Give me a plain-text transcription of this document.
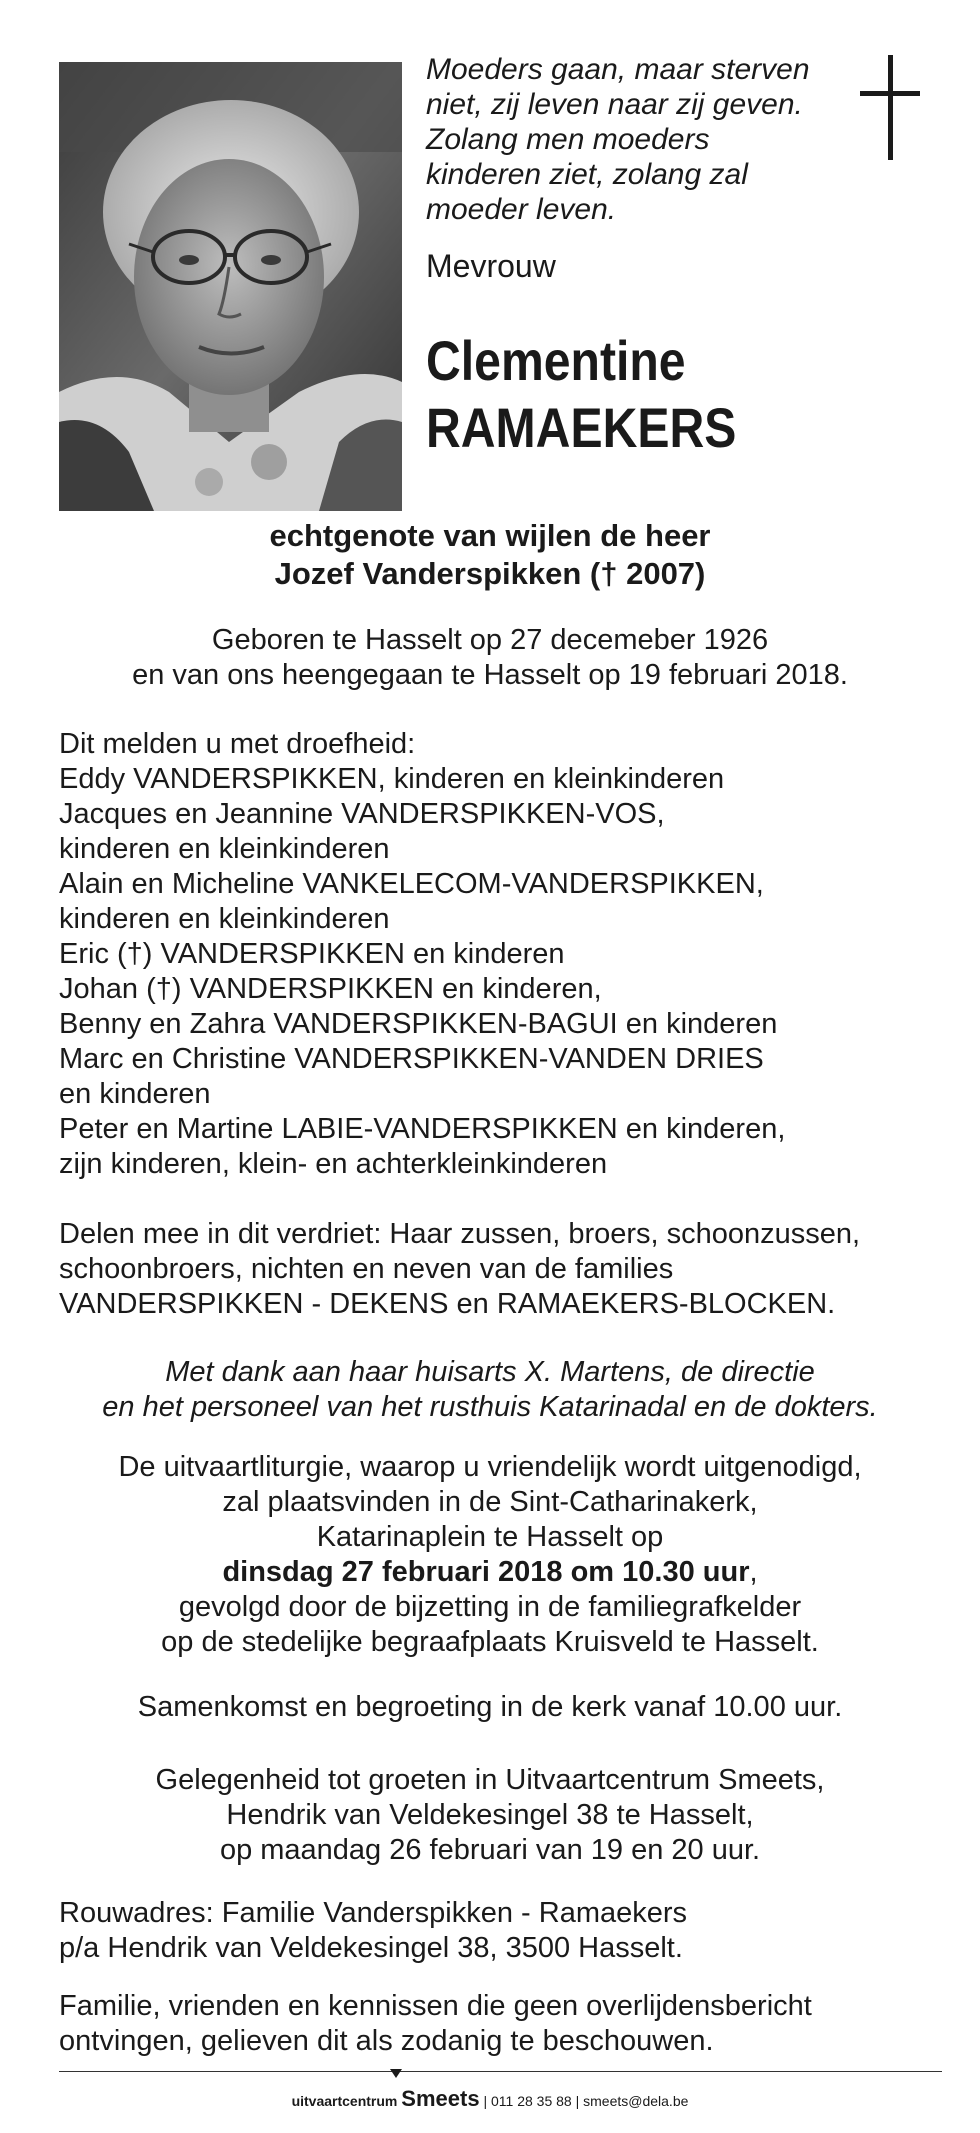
Moeders gaan, maar sterven
niet, zij leven naar zij geven.
Zolang men moeders
kinderen ziet, zolang zal
moeder leven.
Mevrouw
Clementine
RAMAEKERS
echtgenote van wijlen de heer
Jozef Vanderspikken († 2007)
Geboren te Hasselt op 27 decemeber 1926
en van ons heengegaan te Hasselt op 19 februari 2018.
Dit melden u met droefheid:
Eddy VANDERSPIKKEN, kinderen en kleinkinderen
Jacques en Jeannine VANDERSPIKKEN-VOS,
kinderen en kleinkinderen
Alain en Micheline VANKELECOM-VANDERSPIKKEN,
kinderen en kleinkinderen
Eric (†) VANDERSPIKKEN en kinderen
Johan (†) VANDERSPIKKEN en kinderen,
Benny en Zahra VANDERSPIKKEN-BAGUI en kinderen
Marc en Christine VANDERSPIKKEN-VANDEN DRIES
en kinderen
Peter en Martine LABIE-VANDERSPIKKEN en kinderen,
zijn kinderen, klein- en achterkleinkinderen
Delen mee in dit verdriet: Haar zussen, broers, schoonzussen,
schoonbroers, nichten en neven van de families
VANDERSPIKKEN - DEKENS en RAMAEKERS-BLOCKEN.
Met dank aan haar huisarts X. Martens, de directie
en het personeel van het rusthuis Katarinadal en de dokters.
De uitvaartliturgie, waarop u vriendelijk wordt uitgenodigd,
zal plaatsvinden in de Sint-Catharinakerk,
Katarinaplein te Hasselt op
dinsdag 27 februari 2018 om 10.30 uur,
gevolgd door de bijzetting in de familiegrafkelder
op de stedelijke begraafplaats Kruisveld te Hasselt.
Samenkomst en begroeting in de kerk vanaf 10.00 uur.
Gelegenheid tot groeten in Uitvaartcentrum Smeets,
Hendrik van Veldekesingel 38 te Hasselt,
op maandag 26 februari van 19 en 20 uur.
Rouwadres: Familie Vanderspikken - Ramaekers
p/a Hendrik van Veldekesingel 38, 3500 Hasselt.
Familie, vrienden en kennissen die geen overlijdensbericht
ontvingen, gelieven dit als zodanig te beschouwen.
uitvaartcentrum Smeets | 011 28 35 88 | smeets@dela.be
